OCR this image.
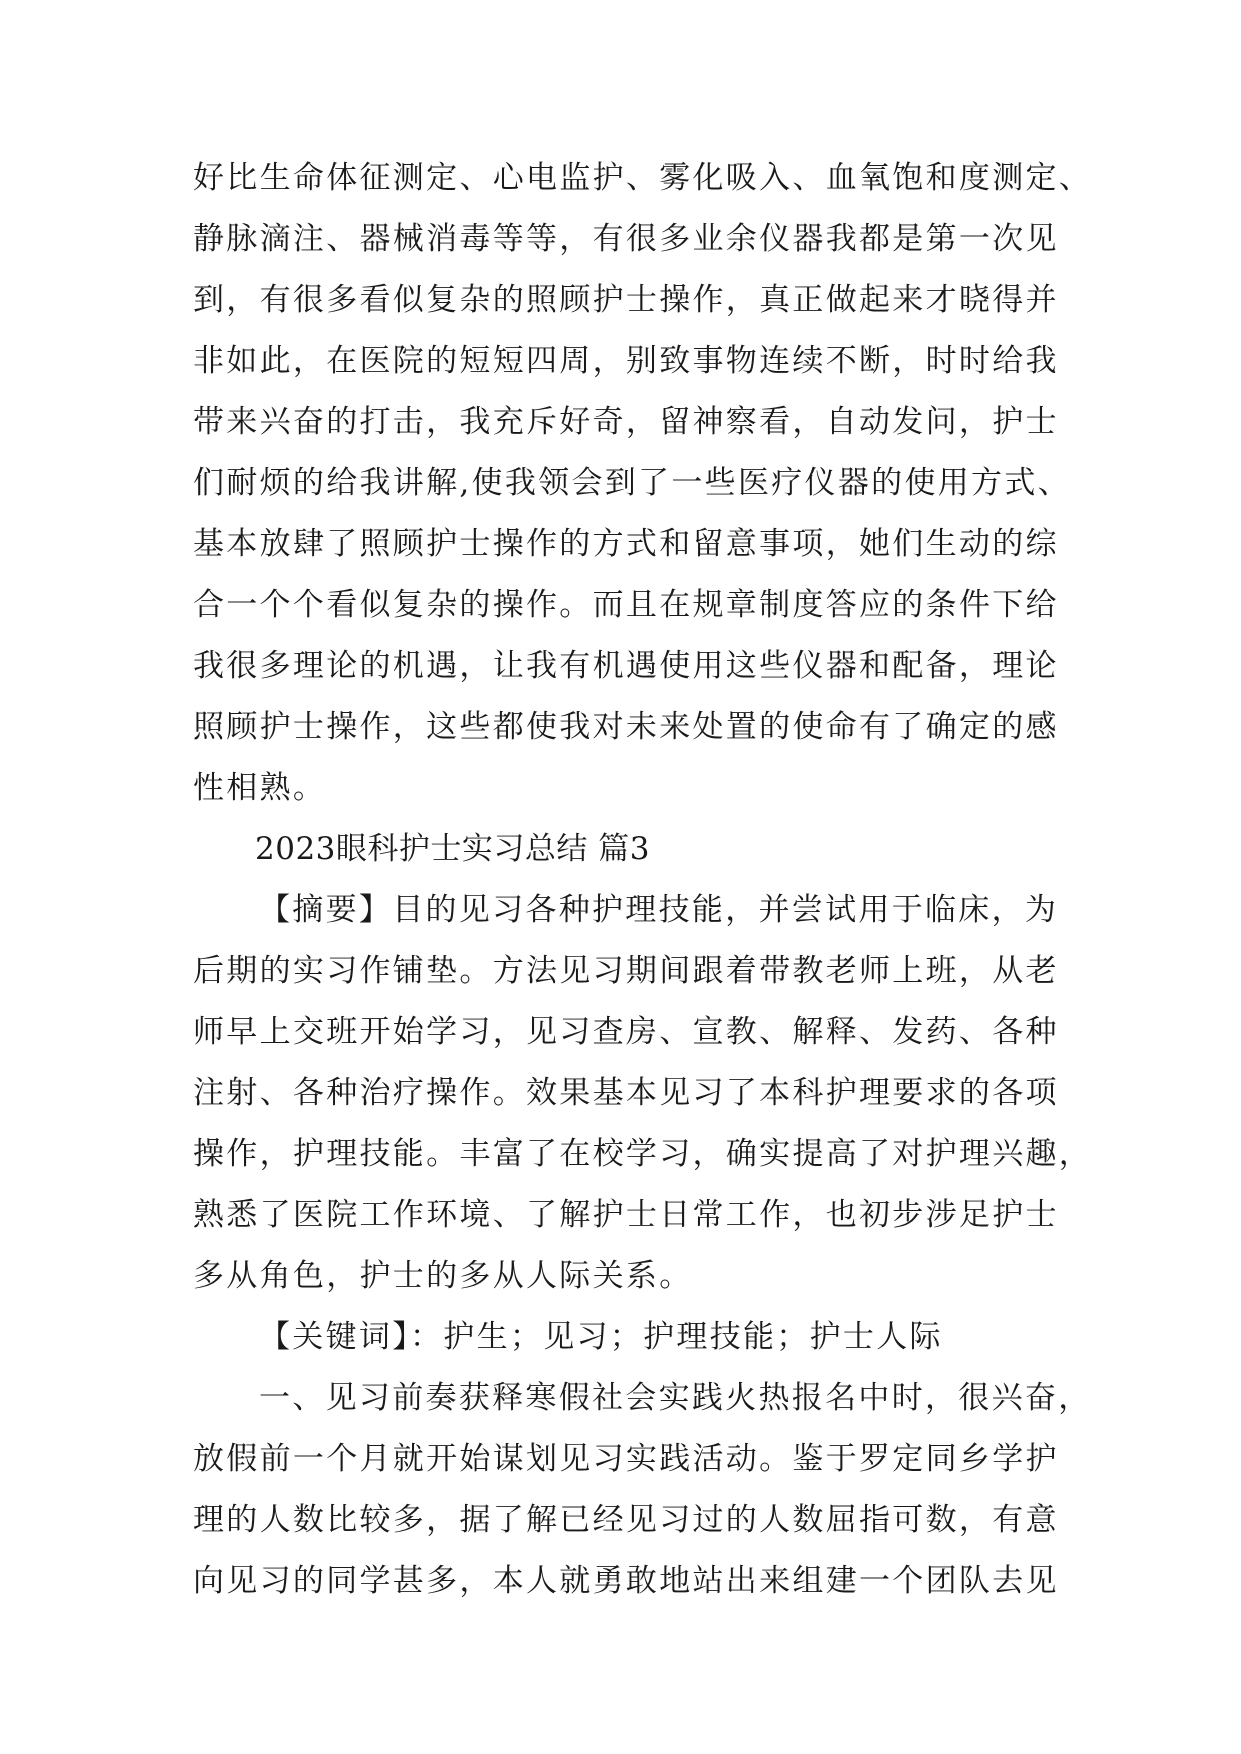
好比生命体征测定、心电监护、雾化吸入、血氧饱和度测定、
静脉滴注、器械消毒等等，有很多业余仪器我都是第一次见
到，有很多看似复杂的照顾护士操作，真正做起来才晓得并
非如此，在医院的短短四周，别致事物连续不断，时时给我
带来兴奋的打击，我充斥好奇，留神察看，自动发问，护士
们耐烦的给我讲解,使我领会到了一些医疗仪器的使用方式、
基本放肆了照顾护士操作的方式和留意事项，她们生动的综
合一个个看似复杂的操作。而且在规章制度答应的条件下给
我很多理论的机遇，让我有机遇使用这些仪器和配备，理论
照顾护士操作，这些都使我对未来处置的使命有了确定的感
性相熟。
2023眼科护士实习总结 篇3
【摘要】目的见习各种护理技能，并尝试用于临床，为
后期的实习作铺垫。方法见习期间跟着带教老师上班，从老
师早上交班开始学习，见习查房、宣教、解释、发药、各种
注射、各种治疗操作。效果基本见习了本科护理要求的各项
操作，护理技能。丰富了在校学习，确实提高了对护理兴趣，
熟悉了医院工作环境、了解护士日常工作，也初步涉足护士
多从角色，护士的多从人际关系。
【关键词】：护生；见习；护理技能；护士人际
一、见习前奏获释寒假社会实践火热报名中时，很兴奋，
放假前一个月就开始谋划见习实践活动。鉴于罗定同乡学护
理的人数比较多，据了解已经见习过的人数屈指可数，有意
向见习的同学甚多，本人就勇敢地站出来组建一个团队去见
